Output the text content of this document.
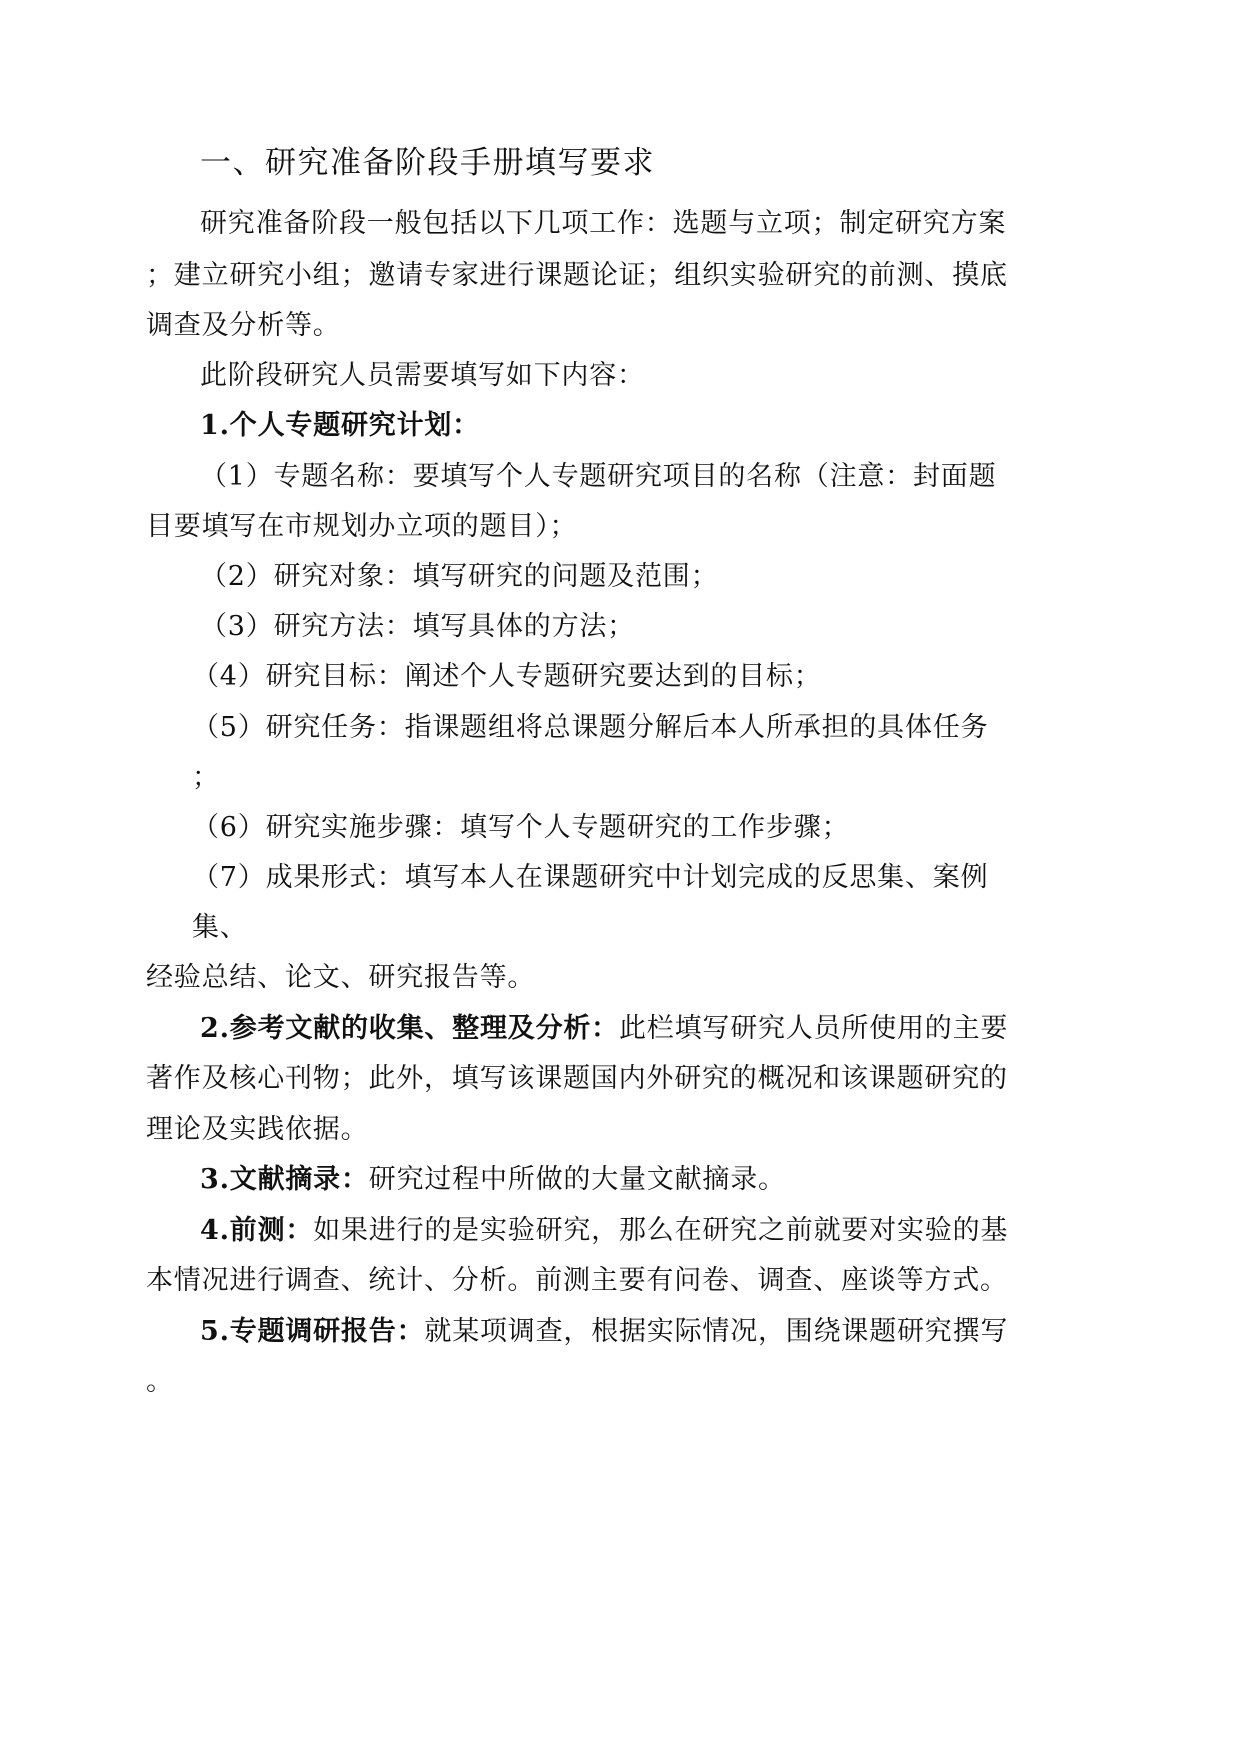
一、研究准备阶段手册填写要求
研究准备阶段一般包括以下几项工作：选题与立项；制定研究方案
；建立研究小组；邀请专家进行课题论证；组织实验研究的前测、摸底
调查及分析等。
此阶段研究人员需要填写如下内容：
1.个人专题研究计划：
（1）专题名称：要填写个人专题研究项目的名称（注意：封面题
目要填写在市规划办立项的题目）；
（2）研究对象：填写研究的问题及范围；
（3）研究方法：填写具体的方法；
（4）研究目标：阐述个人专题研究要达到的目标；
（5）研究任务：指课题组将总课题分解后本人所承担的具体任务
；
（6）研究实施步骤：填写个人专题研究的工作步骤；
（7）成果形式：填写本人在课题研究中计划完成的反思集、案例
集、
经验总结、论文、研究报告等。
2.参考文献的收集、整理及分析：此栏填写研究人员所使用的主要
著作及核心刊物；此外，填写该课题国内外研究的概况和该课题研究的
理论及实践依据。
3.文献摘录：研究过程中所做的大量文献摘录。
4.前测：如果进行的是实验研究，那么在研究之前就要对实验的基
本情况进行调查、统计、分析。前测主要有问卷、调查、座谈等方式。
5.专题调研报告：就某项调查，根据实际情况，围绕课题研究撰写
。
